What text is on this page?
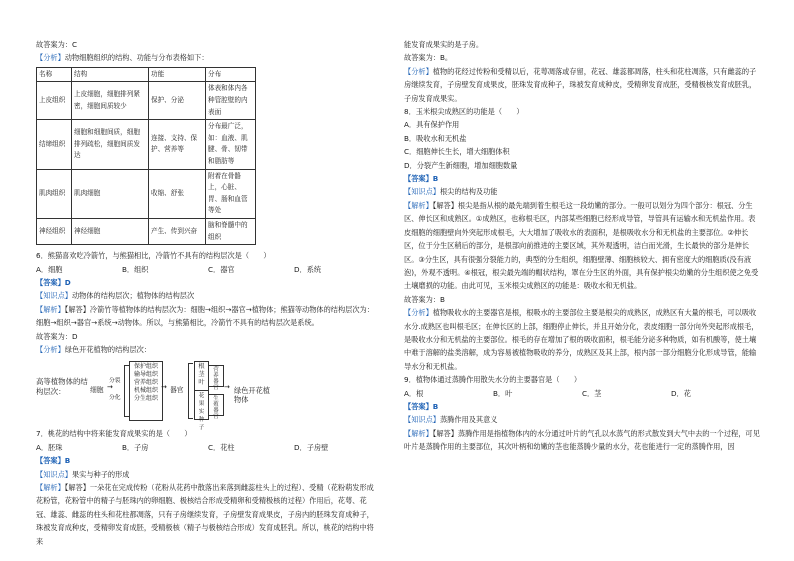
故答案为：C

【分析】动物细胞组织的结构、功能与分布表格如下：

名称	结构	功能	分布
上皮组织	上皮细胞，细胞排列紧密，细胞间质较少	保护、分泌	体表和体内各种管腔壁的内表面
结缔组织	细胞和细胞间质，细胞排列疏松，细胞间质发达	连接、支持、保护、营养等	分布最广泛，如：血液、肌腱、骨、韧带和脂肪等
肌肉组织	肌肉细胞	收缩、舒张	附着在骨骼上，心脏、胃、肠和血管等处
神经组织	神经细胞	产生、传到兴奋	脑和脊髓中的组织

6．熊猫喜欢吃冷箭竹，与熊猫相比，冷箭竹不具有的结构层次是（　　）

A．细胞	B．组织	C．器官	D．系统

【答案】D

【知识点】动物体的结构层次；植物体的结构层次

【解析】【解答】冷箭竹等植物体的结构层次为：细胞→组织→器官→植物体；熊猫等动物体的结构层次为：细胞→组织→器官→系统→动物体。所以，与熊猫相比，冷箭竹不具有的结构层次是系统。

故答案为：D

【分析】绿色开花植物的结构层次：

高等植物体的结构层次：	细胞
分裂
→
分化
保护组织
输导组织
营养组织
机械组织
分生组织
→ 器官
根
茎
叶
花
果实
种子
营养器官
生殖器官
→ 绿色开花植物体

7．桃花的结构中将来能发育成果实的是（　　）

A．胚珠	B．子房	C．花柱	D．子房壁

【答案】B

【知识点】果实与种子的形成

【解析】【解答】一朵花在完成传粉（花粉从花药中散落出来落到雌蕊柱头上的过程）、受精（花粉萌发形成花粉管，花粉管中的精子与胚珠内的卵细胞、极核结合形成受精卵和受精极核的过程）作用后，花萼、花冠、雄蕊、雌蕊的柱头和花柱都凋落，只有子房继续发育，子房壁发育成果皮，子房内的胚珠发育成种子，珠被发育成种皮，受精卵发育成胚，受精极核（精子与极核结合形成）发育成胚乳。所以，桃花的结构中将来

能发育成果实的是子房。

故答案为：B。

【分析】植物的花经过传粉和受精以后，花萼凋落或存留，花冠、雄蕊都凋落，柱头和花柱凋落，只有雌蕊的子房继续发育，子房壁发育成果皮，胚珠发育成种子，珠被发育成种皮，受精卵发育成胚，受精极核发育成胚乳，子房发育成果实。

8．玉米根尖成熟区的功能是（　　）

A．具有保护作用

B．吸收水和无机盐

C．细胞伸长生长，增大细胞体积

D．分裂产生新细胞，增加细胞数量

【答案】B

【知识点】根尖的结构及功能

【解析】【解答】根尖是指从根的最先端到着生根毛这一段幼嫩的部分。一般可以划分为四个部分：根冠、分生区、伸长区和成熟区。①成熟区，也称根毛区，内部某些细胞已经形成导管，导管具有运输水和无机盐作用。表皮细胞的细胞壁向外突起形成根毛，大大增加了吸收水的表面积，是根吸收水分和无机盐的主要部位。②伸长区，位于分生区稍后的部分，是根部向前推进的主要区域，其外观透明，洁白而光滑，生长最快的部分是伸长区。③分生区，具有很强分裂能力的，典型的分生组织，细胞壁薄、细胞核较大、拥有密度大的细胞质(没有液泡)，外观不透明。④根冠，根尖最先端的帽状结构，罩在分生区的外面，具有保护根尖幼嫩的分生组织使之免受土壤磨损的功能。由此可见，玉米根尖成熟区的功能是：吸收水和无机盐。

故答案为：B

【分析】植物吸收水的主要器官是根，根吸水的主要部位主要是根尖的成熟区，成熟区有大量的根毛，可以吸收水分.成熟区也叫根毛区；在伸长区的上部，细胞停止伸长，并且开始分化，表皮细胞一部分向外突起形成根毛，是吸收水分和无机盐的主要部位。根毛的存在增加了根的吸收面积，根毛能分泌多种物质，如有机酸等，使土壤中难于溶解的盐类溶解，成为容易被植物吸收的养分，成熟区及其上部，根内部一部分细胞分化形成导管，能输导水分和无机盐。

9．植物体通过蒸腾作用散失水分的主要器官是（　　）

A．根	B．叶	C．茎	D．花

【答案】B

【知识点】蒸腾作用及其意义

【解析】【解答】蒸腾作用是指植物体内的水分通过叶片的气孔以水蒸气的形式散发到大气中去的一个过程，可见叶片是蒸腾作用的主要部位，其次叶柄和幼嫩的茎也能蒸腾少量的水分，花也能进行一定的蒸腾作用，因
